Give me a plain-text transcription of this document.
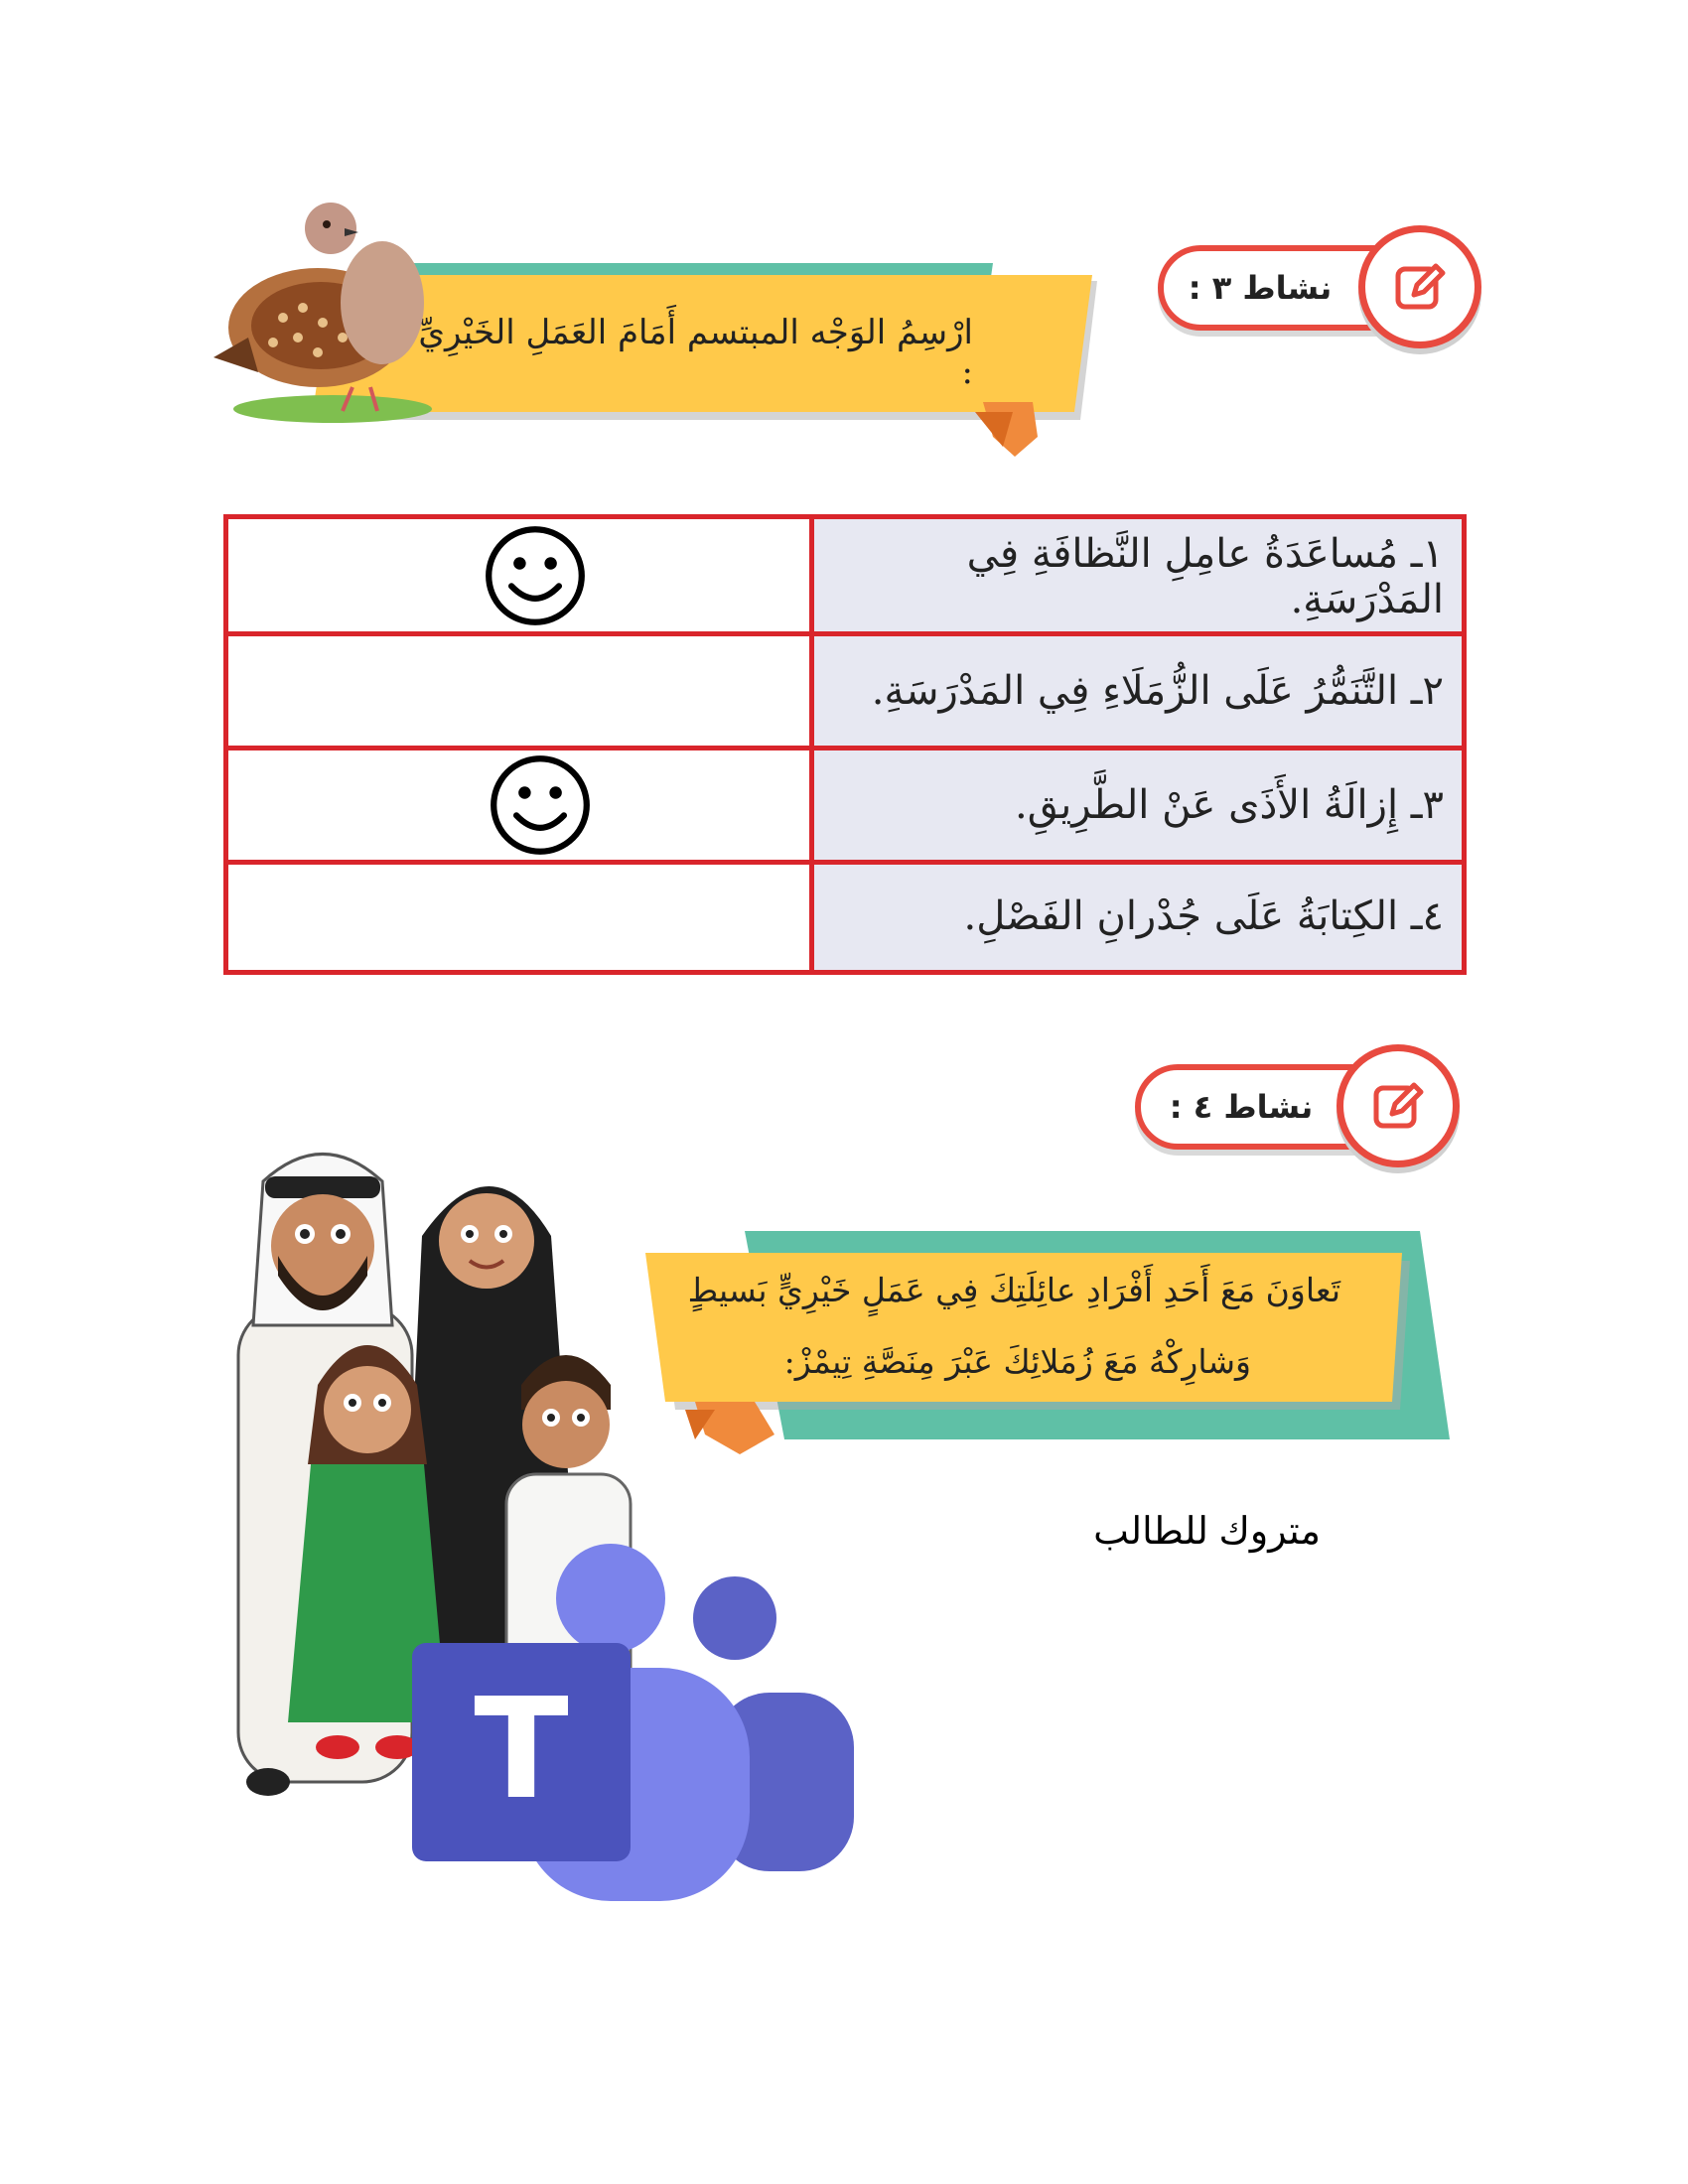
نشاط ٣ :
ارْسِمُ الوَجْه المبتسم أَمَامَ العَمَلِ الخَيْرِيِّ :
١ـ مُساعَدَةُ عامِلِ النَّظافَةِ فِي المَدْرَسَةِ.
٢ـ التَّنَمُّرُ عَلَى الزُّمَلَاءِ فِي المَدْرَسَةِ.
٣ـ إِزالَةُ الأَذَى عَنْ الطَّرِيقِ.
٤ـ الكِتابَةُ عَلَى جُدْرانِ الفَصْلِ.
نشاط ٤ :
تَعاوَنَ مَعَ أَحَدِ أَفْرَادِ عائِلَتِكَ فِي عَمَلٍ خَيْرِيٍّ بَسيطٍ
وَشارِكْهُ مَعَ زُمَلائِكَ عَبْرَ مِنَصَّةِ تِيمْزْ:
T
متروك للطالب
